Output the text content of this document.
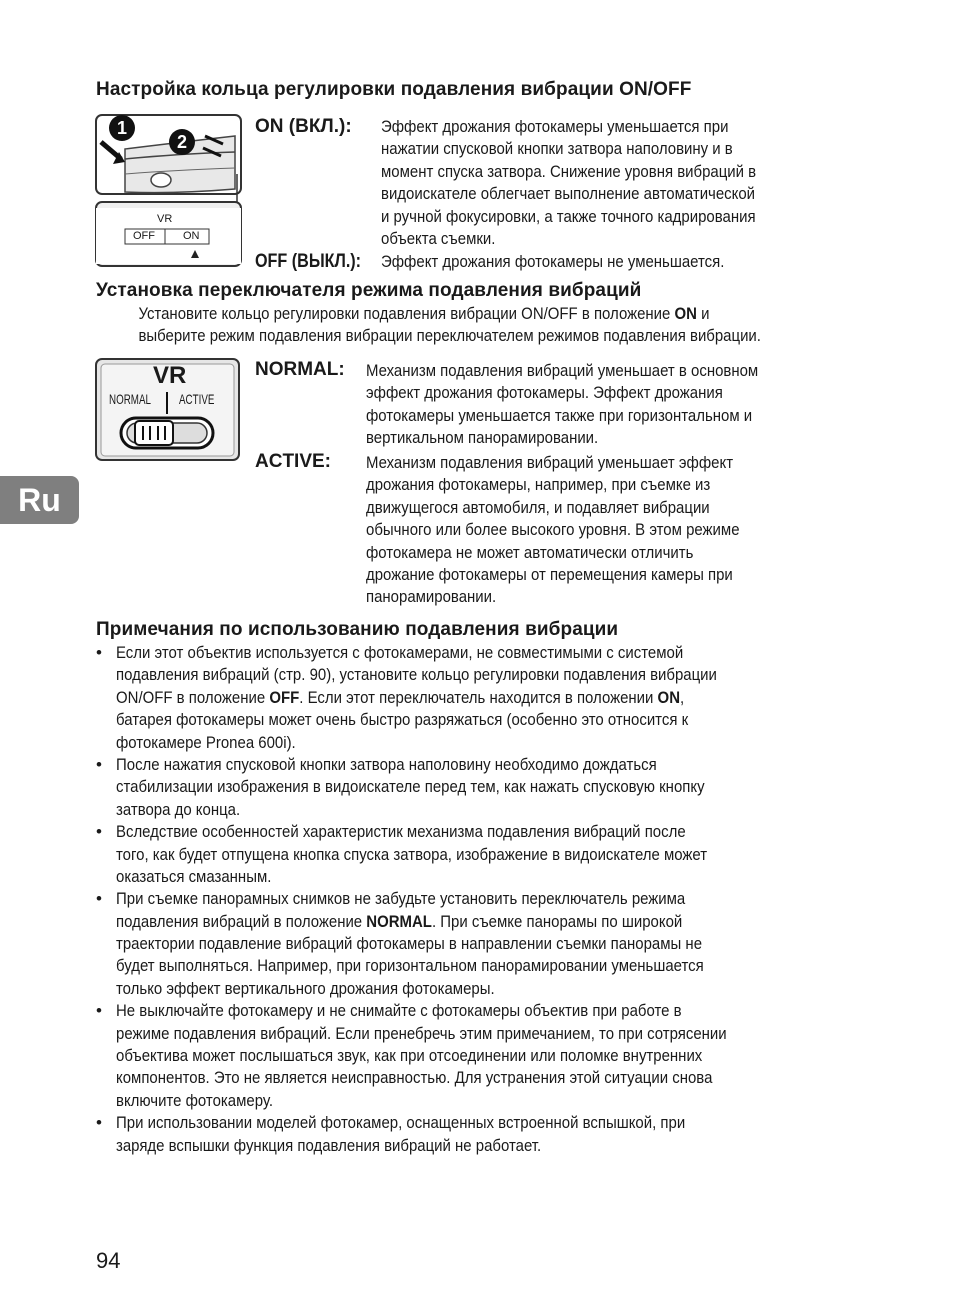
Настройка кольца регулировки подавления вибрации ON/OFF
1
2
VR
OFF	ON
ON (ВКЛ.): Эффект дрожания фотокамеры уменьшается при
нажатии спусковой кнопки затвора наполовину и в
момент спуска затвора. Снижение уровня вибраций в
видоискателе облегчает выполнение автоматической
и ручной фокусировки, а также точного кадрирования
объекта съемки.
OFF (ВЫКЛ.): Эффект дрожания фотокамеры не уменьшается.
Установка переключателя режима подавления вибраций
Установите кольцо регулировки подавления вибрации ON/OFF в положение ON и
выберите режим подавления вибрации переключателем режимов подавления вибрации.
VR
NORMAL ACTIVE
NORMAL: Механизм подавления вибраций уменьшает в основном
эффект дрожания фотокамеры. Эффект дрожания
фотокамеры уменьшается также при горизонтальном и
вертикальном панорамировании.
ACTIVE: Механизм подавления вибраций уменьшает эффект
дрожания фотокамеры, например, при съемке из
движущегося автомобиля, и подавляет вибрации
обычного или более высокого уровня. В этом режиме
фотокамера не может автоматически отличить
дрожание фотокамеры от перемещения камеры при
панорамировании.
Примечания по использованию подавления вибрации
• Если этот объектив используется с фотокамерами, не совместимыми с системой
подавления вибраций (стр. 90), установите кольцо регулировки подавления вибрации
ON/OFF в положение OFF. Если этот переключатель находится в положении ON,
батарея фотокамеры может очень быстро разряжаться (особенно это относится к
фотокамере Pronea 600i).
• После нажатия спусковой кнопки затвора наполовину необходимо дождаться
стабилизации изображения в видоискателе перед тем, как нажать спусковую кнопку
затвора до конца.
• Вследствие особенностей характеристик механизма подавления вибраций после
того, как будет отпущена кнопка спуска затвора, изображение в видоискателе может
оказаться смазанным.
• При съемке панорамных снимков не забудьте установить переключатель режима
подавления вибраций в положение NORMAL. При съемке панорамы по широкой
траектории подавление вибраций фотокамеры в направлении съемки панорамы не
будет выполняться. Например, при горизонтальном панорамировании уменьшается
только эффект вертикального дрожания фотокамеры.
• Не выключайте фотокамеру и не снимайте с фотокамеры объектив при работе в
режиме подавления вибраций. Если пренебречь этим примечанием, то при сотрясении
объектива может послышаться звук, как при отсоединении или поломке внутренних
компонентов. Это не является неисправностью. Для устранения этой ситуации снова
включите фотокамеру.
• При использовании моделей фотокамер, оснащенных встроенной вспышкой, при
заряде вспышки функция подавления вибраций не работает.
Ru
94
